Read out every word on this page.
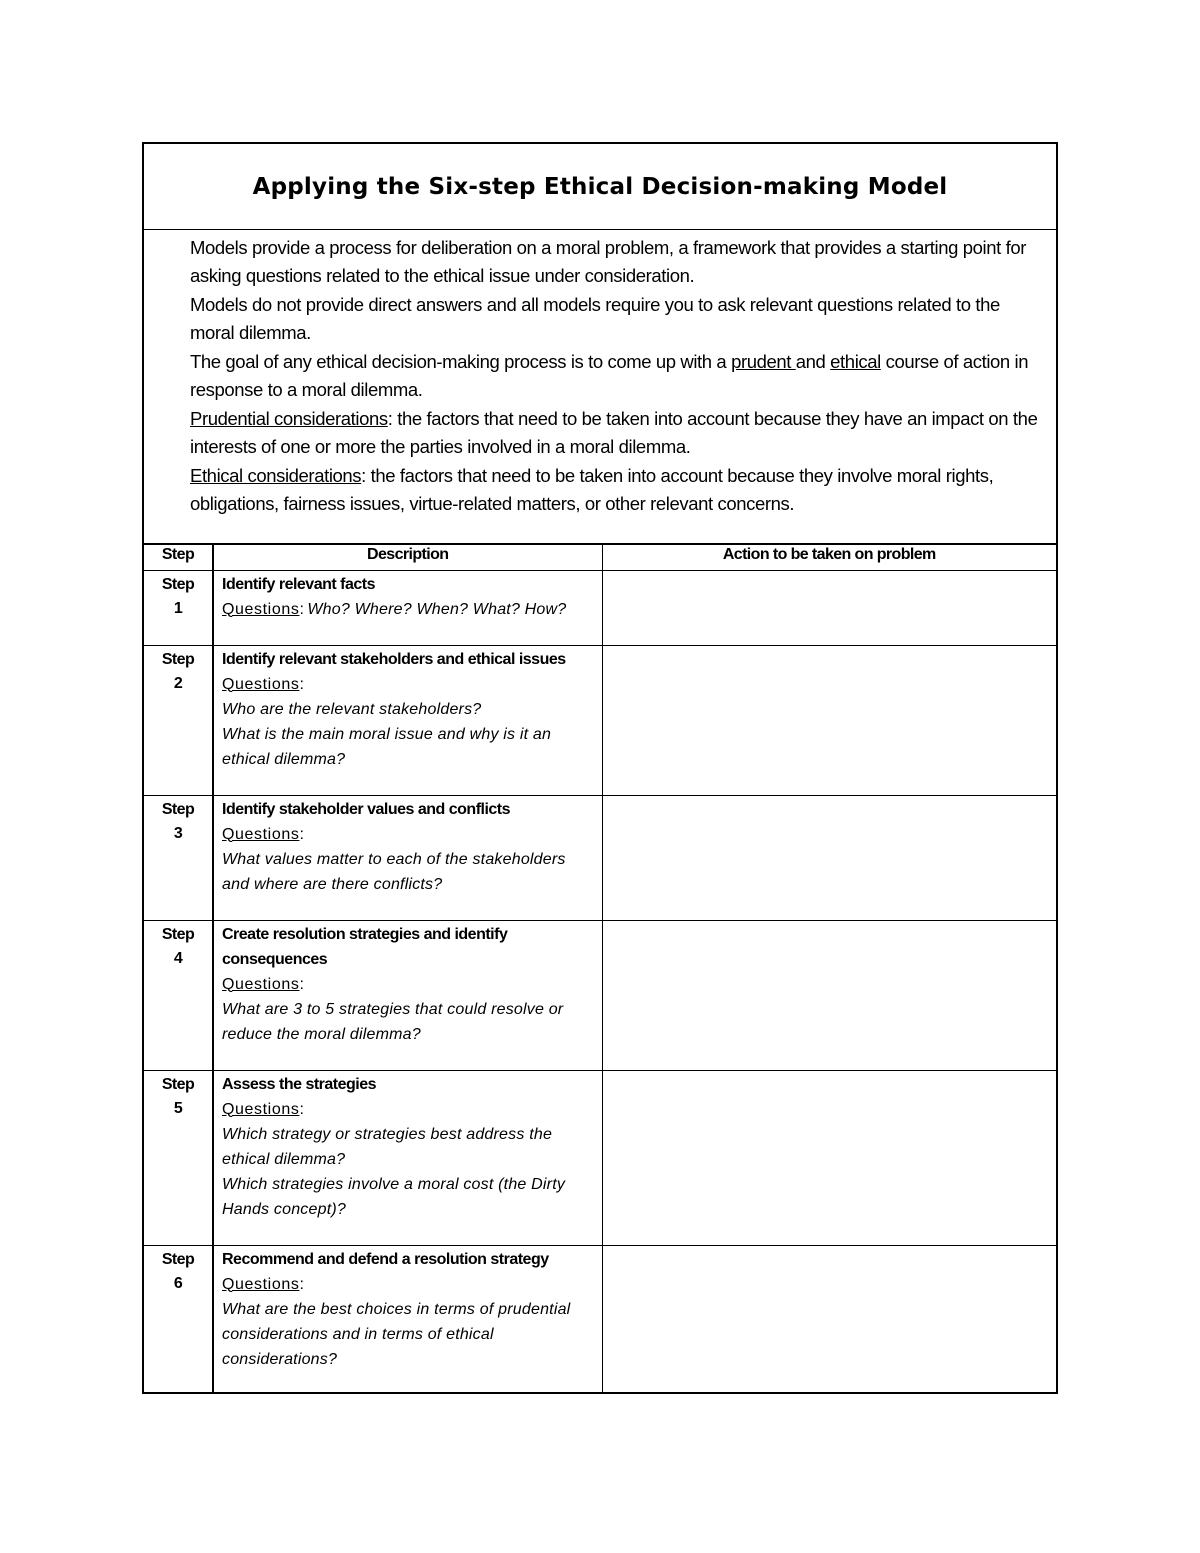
Applying the Six-step Ethical Decision-making Model

Models provide a process for deliberation on a moral problem, a framework that provides a starting point for asking questions related to the ethical issue under consideration.

Models do not provide direct answers and all models require you to ask relevant questions related to the moral dilemma.

The goal of any ethical decision-making process is to come up with a prudent and ethical course of action in response to a moral dilemma.

Prudential considerations: the factors that need to be taken into account because they have an impact on the interests of one or more the parties involved in a moral dilemma.

Ethical considerations: the factors that need to be taken into account because they involve moral rights, obligations, fairness issues, virtue-related matters, or other relevant concerns.

Step	Description	Action to be taken on problem
Step
1	Identify relevant facts
Questions: Who? Where? When? What? How?	
Step
2	Identify relevant stakeholders and ethical issues
Questions:
Who are the relevant stakeholders?
What is the main moral issue and why is it an ethical dilemma?	

Step
3	Identify stakeholder values and conflicts
Questions:
What values matter to each of the stakeholders and where are there conflicts?	

Step
4	Create resolution strategies and identify consequences
Questions:
What are 3 to 5 strategies that could resolve or reduce the moral dilemma?	

Step
5	Assess the strategies
Questions:
Which strategy or strategies best address the ethical dilemma?
Which strategies involve a moral cost (the Dirty Hands concept)?	

Step
6	Recommend and defend a resolution strategy
Questions:
What are the best choices in terms of prudential considerations and in terms of ethical considerations?	
